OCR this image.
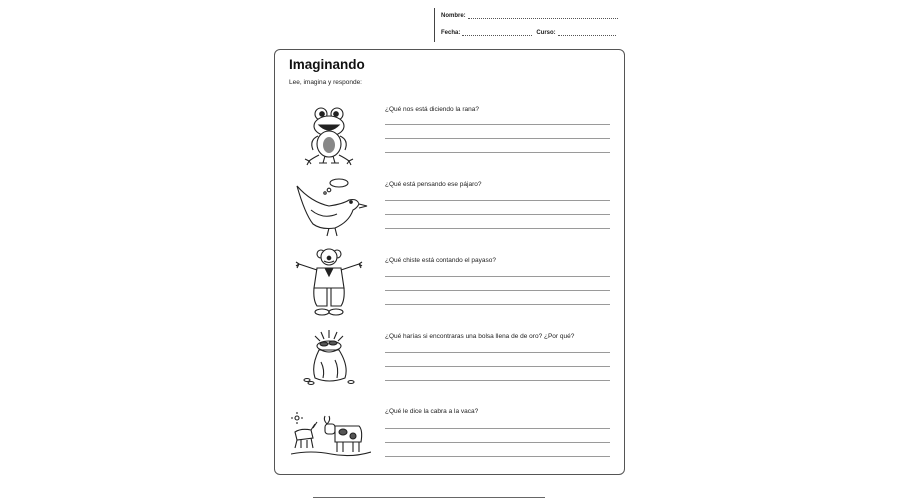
Nombre:
Fecha:	Curso:
Imaginando
Lee, imagina y responde:
¿Qué nos está diciendo la rana?
¿Qué está pensando ese pájaro?
¿Qué chiste está contando el payaso?
¿Qué harías si encontraras una bolsa llena de de oro? ¿Por qué?
¿Qué le dice la cabra a la vaca?
